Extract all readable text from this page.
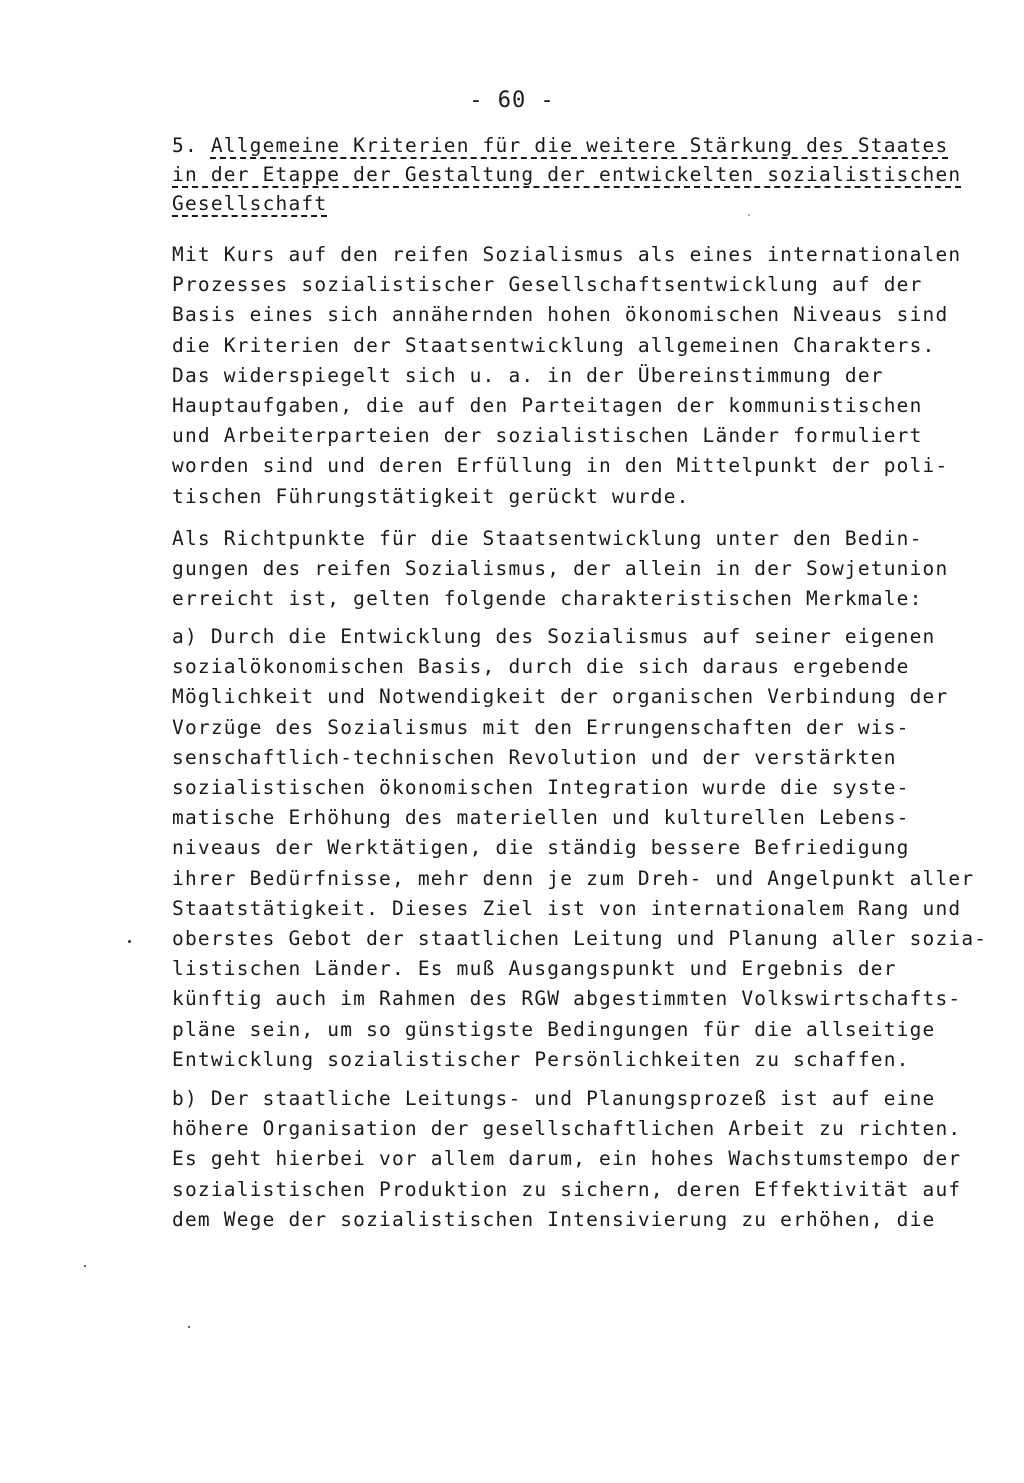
- 60 -
5. Allgemeine Kriterien für die weitere Stärkung des Staates
in der Etappe der Gestaltung der entwickelten sozialistischen
Gesellschaft
Mit Kurs auf den reifen Sozialismus als eines internationalen
Prozesses sozialistischer Gesellschaftsentwicklung auf der
Basis eines sich annähernden hohen ökonomischen Niveaus sind
die Kriterien der Staatsentwicklung allgemeinen Charakters.
Das widerspiegelt sich u. a. in der Übereinstimmung der
Hauptaufgaben, die auf den Parteitagen der kommunistischen
und Arbeiterparteien der sozialistischen Länder formuliert
worden sind und deren Erfüllung in den Mittelpunkt der poli-
tischen Führungstätigkeit gerückt wurde.
Als Richtpunkte für die Staatsentwicklung unter den Bedin-
gungen des reifen Sozialismus, der allein in der Sowjetunion
erreicht ist, gelten folgende charakteristischen Merkmale:
a) Durch die Entwicklung des Sozialismus auf seiner eigenen
sozialökonomischen Basis, durch die sich daraus ergebende
Möglichkeit und Notwendigkeit der organischen Verbindung der
Vorzüge des Sozialismus mit den Errungenschaften der wis-
senschaftlich-technischen Revolution und der verstärkten
sozialistischen ökonomischen Integration wurde die syste-
matische Erhöhung des materiellen und kulturellen Lebens-
niveaus der Werktätigen, die ständig bessere Befriedigung
ihrer Bedürfnisse, mehr denn je zum Dreh- und Angelpunkt aller
Staatstätigkeit. Dieses Ziel ist von internationalem Rang und
oberstes Gebot der staatlichen Leitung und Planung aller sozia-
listischen Länder. Es muß Ausgangspunkt und Ergebnis der
künftig auch im Rahmen des RGW abgestimmten Volkswirtschafts-
pläne sein, um so günstigste Bedingungen für die allseitige
Entwicklung sozialistischer Persönlichkeiten zu schaffen.
b) Der staatliche Leitungs- und Planungsprozeß ist auf eine
höhere Organisation der gesellschaftlichen Arbeit zu richten.
Es geht hierbei vor allem darum, ein hohes Wachstumstempo der
sozialistischen Produktion zu sichern, deren Effektivität auf
dem Wege der sozialistischen Intensivierung zu erhöhen, die
